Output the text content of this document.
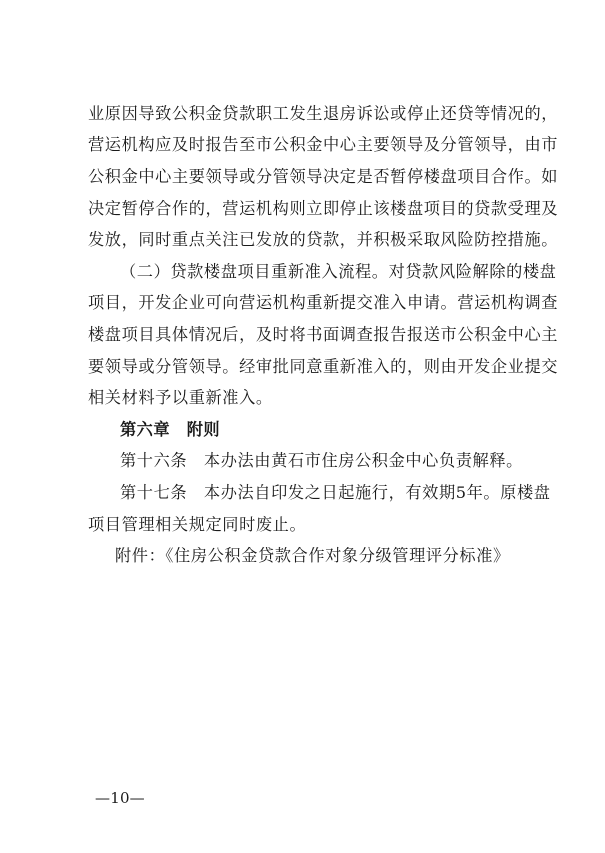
业原因导致公积金贷款职工发生退房诉讼或停止还贷等情况的，
营运机构应及时报告至市公积金中心主要领导及分管领导，由市
公积金中心主要领导或分管领导决定是否暂停楼盘项目合作。如
决定暂停合作的，营运机构则立即停止该楼盘项目的贷款受理及
发放，同时重点关注已发放的贷款，并积极采取风险防控措施。
（二）贷款楼盘项目重新准入流程。对贷款风险解除的楼盘
项目，开发企业可向营运机构重新提交准入申请。营运机构调查
楼盘项目具体情况后，及时将书面调查报告报送市公积金中心主
要领导或分管领导。经审批同意重新准入的，则由开发企业提交
相关材料予以重新准入。
第六章　附则
第十六条　本办法由黄石市住房公积金中心负责解释。
第十七条　本办法自印发之日起施行，有效期5年。原楼盘
项目管理相关规定同时废止。
附件：《住房公积金贷款合作对象分级管理评分标准》
—10—
